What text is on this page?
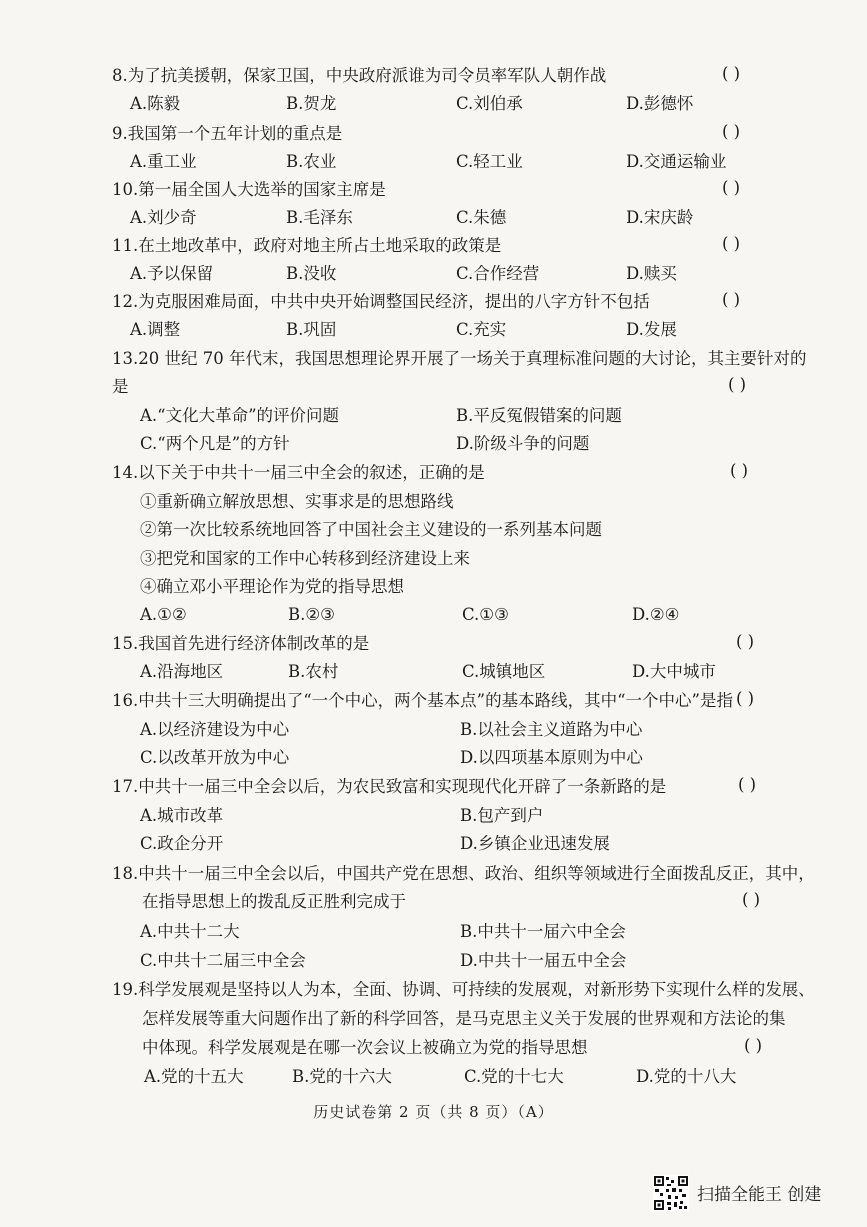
8.为了抗美援朝，保家卫国，中央政府派谁为司令员率军队人朝作战	( )
A.陈毅	B.贺龙	C.刘伯承	D.彭德怀
9.我国第一个五年计划的重点是	( )
A.重工业	B.农业	C.轻工业	D.交通运输业
10.第一届全国人大选举的国家主席是	( )
A.刘少奇	B.毛泽东	C.朱德	D.宋庆龄
11.在土地改革中，政府对地主所占土地采取的政策是	( )
A.予以保留	B.没收	C.合作经营	D.赎买
12.为克服困难局面，中共中央开始调整国民经济，提出的八字方针不包括	( )
A.调整	B.巩固	C.充实	D.发展
13.20 世纪 70 年代末，我国思想理论界开展了一场关于真理标准问题的大讨论，其主要针对的
是	( )
A.“文化大革命”的评价问题	B.平反冤假错案的问题
C.“两个凡是”的方针	D.阶级斗争的问题
14.以下关于中共十一届三中全会的叙述，正确的是	( )
①重新确立解放思想、实事求是的思想路线
②第一次比较系统地回答了中国社会主义建设的一系列基本问题
③把党和国家的工作中心转移到经济建设上来
④确立邓小平理论作为党的指导思想
A.①②	B.②③	C.①③	D.②④
15.我国首先进行经济体制改革的是	( )
A.沿海地区	B.农村	C.城镇地区	D.大中城市
16.中共十三大明确提出了“一个中心，两个基本点”的基本路线，其中“一个中心”是指 ( )
A.以经济建设为中心	B.以社会主义道路为中心
C.以改革开放为中心	D.以四项基本原则为中心
17.中共十一届三中全会以后，为农民致富和实现现代化开辟了一条新路的是	( )
A.城市改革	B.包产到户
C.政企分开	D.乡镇企业迅速发展
18.中共十一届三中全会以后，中国共产党在思想、政治、组织等领域进行全面拨乱反正，其中，
在指导思想上的拨乱反正胜利完成于	( )
A.中共十二大	B.中共十一届六中全会
C.中共十二届三中全会	D.中共十一届五中全会
19.科学发展观是坚持以人为本，全面、协调、可持续的发展观，对新形势下实现什么样的发展、
怎样发展等重大问题作出了新的科学回答，是马克思主义关于发展的世界观和方法论的集
中体现。科学发展观是在哪一次会议上被确立为党的指导思想	( )
A.党的十五大	B.党的十六大	C.党的十七大	D.党的十八大
历史试卷第 2 页（共 8 页）（A）
扫描全能王 创建
